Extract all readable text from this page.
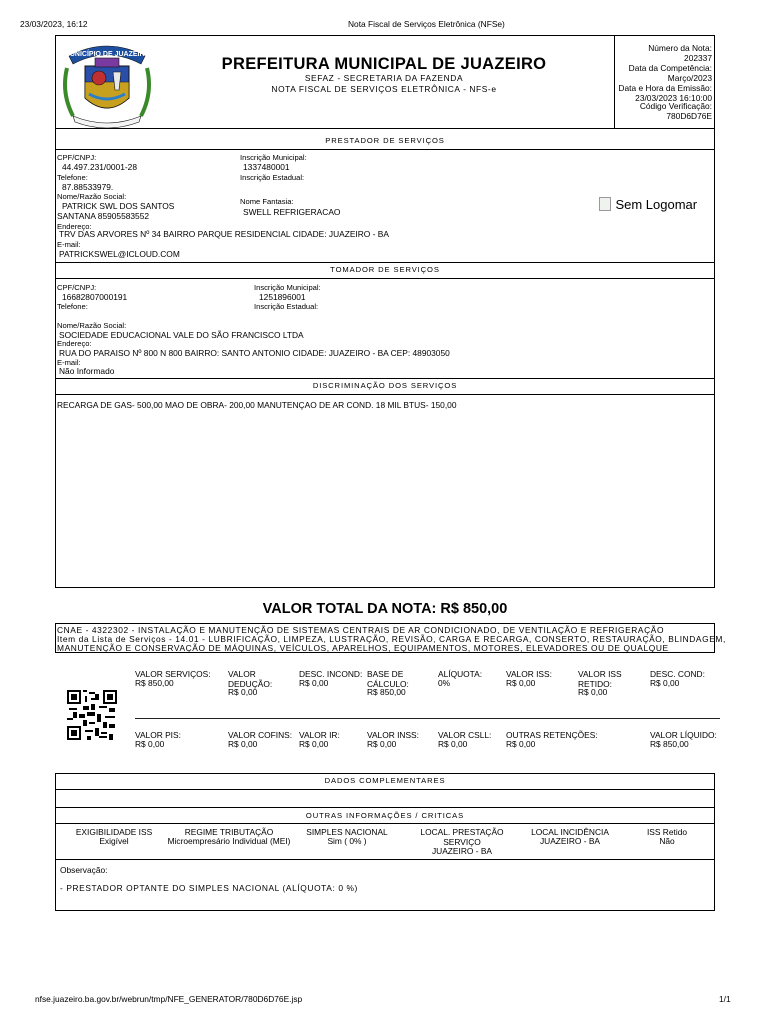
23/03/2023, 16:12	Nota Fiscal de Serviços Eletrônica (NFSe)
nfse.juazeiro.ba.gov.br/webrun/tmp/NFE_GENERATOR/780D6D76E.jsp	1/1
MUNICÍPIO DE JUAZEIRO
PREFEITURA MUNICIPAL DE JUAZEIRO
SEFAZ - SECRETARIA DA FAZENDA
NOTA FISCAL DE SERVIÇOS ELETRÔNICA - NFS-e
Número da Nota:
202337
Data da Competência:
Março/2023
Data e Hora da Emissão:
23/03/2023 16:10:00
Código Verificação:
780D6D76E
PRESTADOR DE SERVIÇOS
CPF/CNPJ:
44.497.231/0001-28
Inscrição Municipal:
1337480001
Inscrição Estadual:
Telefone:
87.88533979.
Nome/Razão Social:
PATRICK SWL DOS SANTOS
SANTANA 85905583552
Nome Fantasia:
SWELL REFRIGERACAO
Endereço:
TRV DAS ARVORES Nº 34 BAIRRO PARQUE RESIDENCIAL CIDADE: JUAZEIRO - BA
E-mail:
PATRICKSWEL@ICLOUD.COM
Sem Logomar
TOMADOR DE SERVIÇOS
CPF/CNPJ:
16682807000191
Inscrição Municipal:
1251896001
Telefone:	Inscrição Estadual:
Nome/Razão Social:
SOCIEDADE EDUCACIONAL VALE DO SÃO FRANCISCO LTDA
Endereço:
RUA DO PARAISO Nº 800 N 800 BAIRRO: SANTO ANTONIO CIDADE: JUAZEIRO - BA CEP: 48903050
E-mail:
Não Informado
DISCRIMINAÇÃO DOS SERVIÇOS
RECARGA DE GAS- 500,00 MAO DE OBRA- 200,00 MANUTENÇAO DE AR COND. 18 MIL BTUS- 150,00
VALOR TOTAL DA NOTA: R$ 850,00
CNAE - 4322302 - INSTALAÇÃO E MANUTENÇÃO DE SISTEMAS CENTRAIS DE AR CONDICIONADO, DE VENTILAÇÃO E REFRIGERAÇÃO
Item da Lista de Serviços - 14.01 - LUBRIFICAÇÃO, LIMPEZA, LUSTRAÇÃO, REVISÃO, CARGA E RECARGA, CONSERTO, RESTAURAÇÃO, BLINDAGEM,
MANUTENÇÃO E CONSERVAÇÃO DE MÁQUINAS, VEÍCULOS, APARELHOS, EQUIPAMENTOS, MOTORES, ELEVADORES OU DE QUALQUE
VALOR SERVIÇOS:
R$ 850,00
VALOR DEDUÇÃO:
R$ 0,00
DESC. INCOND:
R$ 0,00
BASE DE CÁLCULO:
R$ 850,00
ALÍQUOTA:
0%
VALOR ISS:
R$ 0,00
VALOR ISS RETIDO:
R$ 0,00
DESC. COND:
R$ 0,00
VALOR PIS:
R$ 0,00
VALOR COFINS:
R$ 0,00
VALOR IR:
R$ 0,00
VALOR INSS:
R$ 0,00
VALOR CSLL:
R$ 0,00
OUTRAS RETENÇÕES:
R$ 0,00
VALOR LÍQUIDO:
R$ 850,00
DADOS COMPLEMENTARES
OUTRAS INFORMAÇÕES / CRITICAS
EXIGIBILIDADE ISS
Exigível
REGIME TRIBUTAÇÃO
Microempresário Individual (MEI)
SIMPLES NACIONAL
Sim ( 0% )
LOCAL. PRESTAÇÃO SERVIÇO
JUAZEIRO - BA
LOCAL INCIDÊNCIA
JUAZEIRO - BA
ISS Retido
Não
Observação:
- PRESTADOR OPTANTE DO SIMPLES NACIONAL (ALÍQUOTA: 0 %)
